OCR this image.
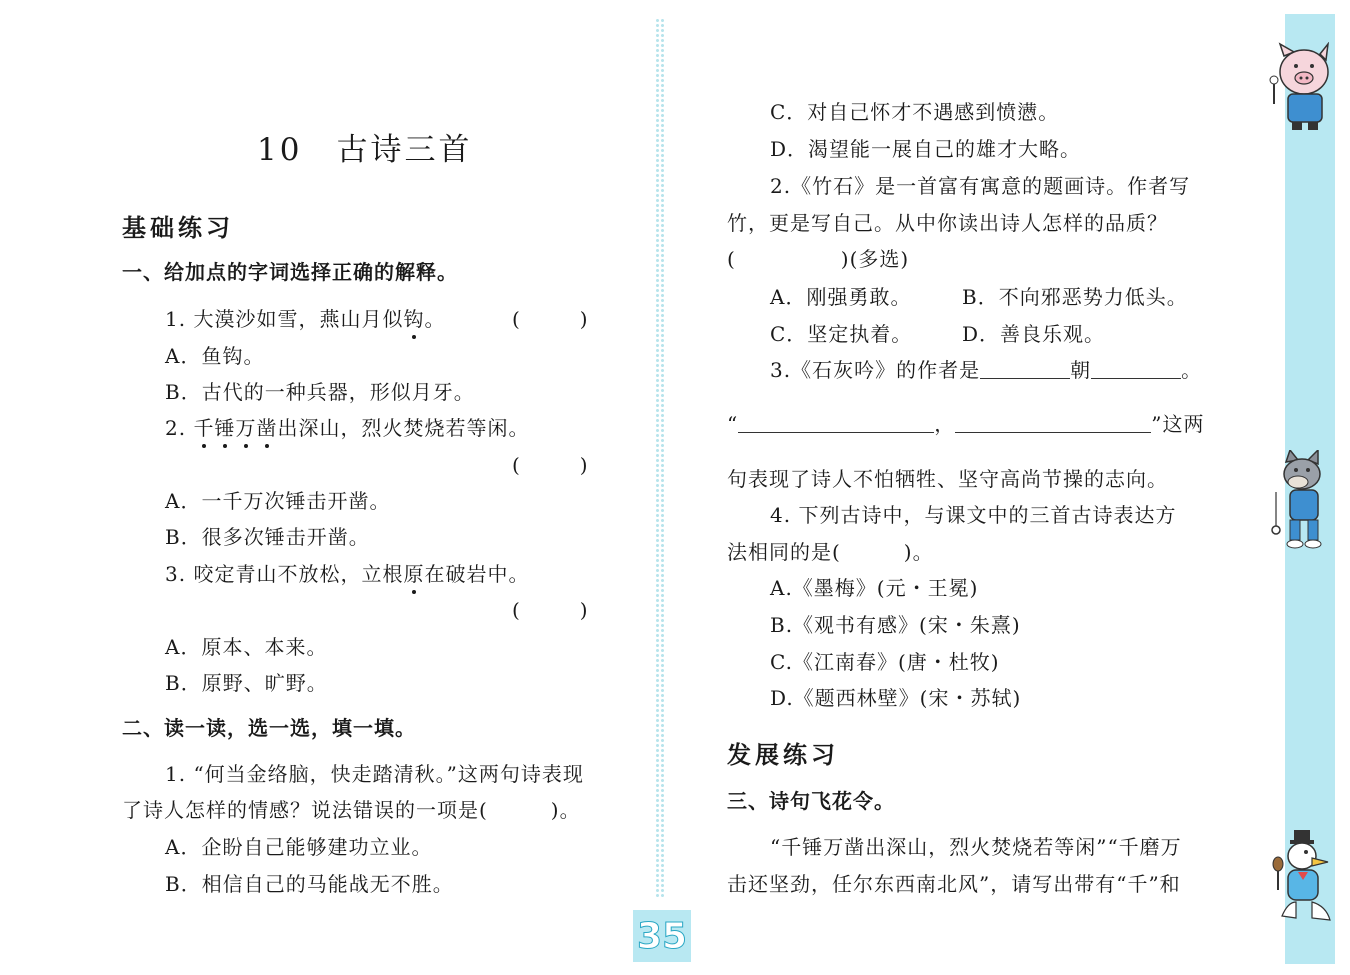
35
10　古诗三首
基础练习
一、给加点的字词选择正确的解释。
1. 大漠沙如雪，燕山月似钩。	(　　　)
A．鱼钩。
B．古代的一种兵器，形似月牙。
2. 千锤万凿出深山，烈火焚烧若等闲。
(　　　)
A．一千万次锤击开凿。
B．很多次锤击开凿。
3. 咬定青山不放松，立根原在破岩中。
(　　　)
A．原本、本来。
B．原野、旷野。
二、读一读，选一选，填一填。
1. “何当金络脑，快走踏清秋。”这两句诗表现
了诗人怎样的情感？说法错误的一项是(　　　)。
A．企盼自己能够建功立业。
B．相信自己的马能战无不胜。
C．对自己怀才不遇感到愤懑。
D．渴望能一展自己的雄才大略。
2.《竹石》是一首富有寓意的题画诗。作者写
竹，更是写自己。从中你读出诗人怎样的品质？
(　　　　　)(多选)
A．刚强勇敢。	B．不向邪恶势力低头。
C．坚定执着。 D．善良乐观。
3.《石灰吟》的作者是	朝	。
“	，	”这两
句表现了诗人不怕牺牲、坚守高尚节操的志向。
4. 下列古诗中，与课文中的三首古诗表达方
法相同的是(　　　)。
A.《墨梅》(元・王冕)
B.《观书有感》(宋・朱熹)
C.《江南春》(唐・杜牧)
D.《题西林壁》(宋・苏轼)
发展练习
三、诗句飞花令。
“千锤万凿出深山，烈火焚烧若等闲”“千磨万
击还坚劲，任尔东西南北风”，请写出带有“千”和
